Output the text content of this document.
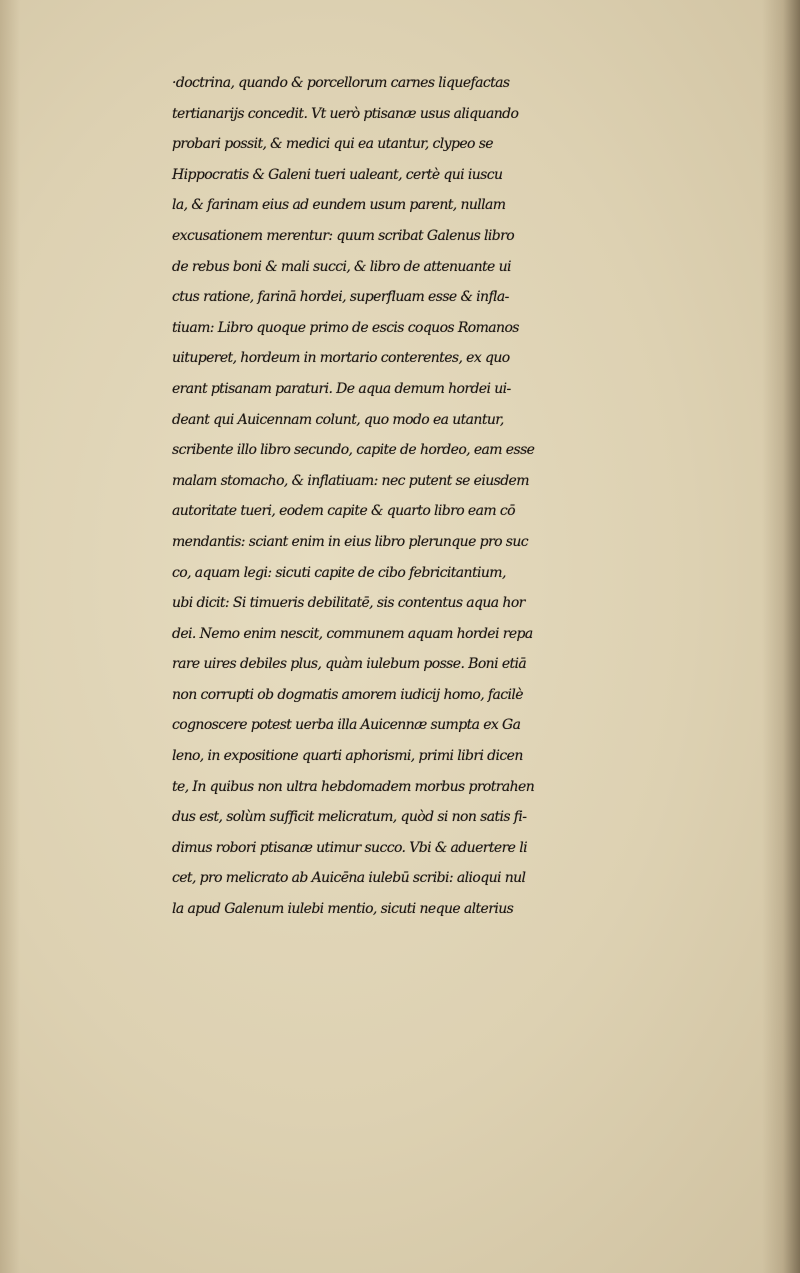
·doctrina, quando & porcellorum carnes liquefactas
tertianarijs concedit. Vt uerò ptisanæ usus aliquando
probari possit, & medici qui ea utantur, clypeo se
Hippocratis & Galeni tueri ualeant, certè qui iuscu
la, & farinam eius ad eundem usum parent, nullam
excusationem merentur: quum scribat Galenus libro
de rebus boni & mali succi, & libro de attenuante ui
ctus ratione, farinā hordei, superfluam esse & infla-
tiuam: Libro quoque primo de escis coquos Romanos
uituperet, hordeum in mortario conterentes, ex quo
erant ptisanam paraturi. De aqua demum hordei ui-
deant qui Auicennam colunt, quo modo ea utantur,
scribente illo libro secundo, capite de hordeo, eam esse
malam stomacho, & inflatiuam: nec putent se eiusdem
autoritate tueri, eodem capite & quarto libro eam cō
mendantis: sciant enim in eius libro plerunque pro suc
co, aquam legi: sicuti capite de cibo febricitantium,
ubi dicit: Si timueris debilitatē, sis contentus aqua hor
dei. Nemo enim nescit, communem aquam hordei repa
rare uires debiles plus, quàm iulebum posse. Boni etiā
non corrupti ob dogmatis amorem iudicij homo, facilè
cognoscere potest uerba illa Auicennæ sumpta ex Ga
leno, in expositione quarti aphorismi, primi libri dicen
te, In quibus non ultra hebdomadem morbus protrahen
dus est, solùm sufficit melicratum, quòd si non satis fi-
dimus robori ptisanæ utimur succo. Vbi & aduertere li
cet, pro melicrato ab Auicēna iulebū scribi: alioqui nul
la apud Galenum iulebi mentio, sicuti neque alterius
